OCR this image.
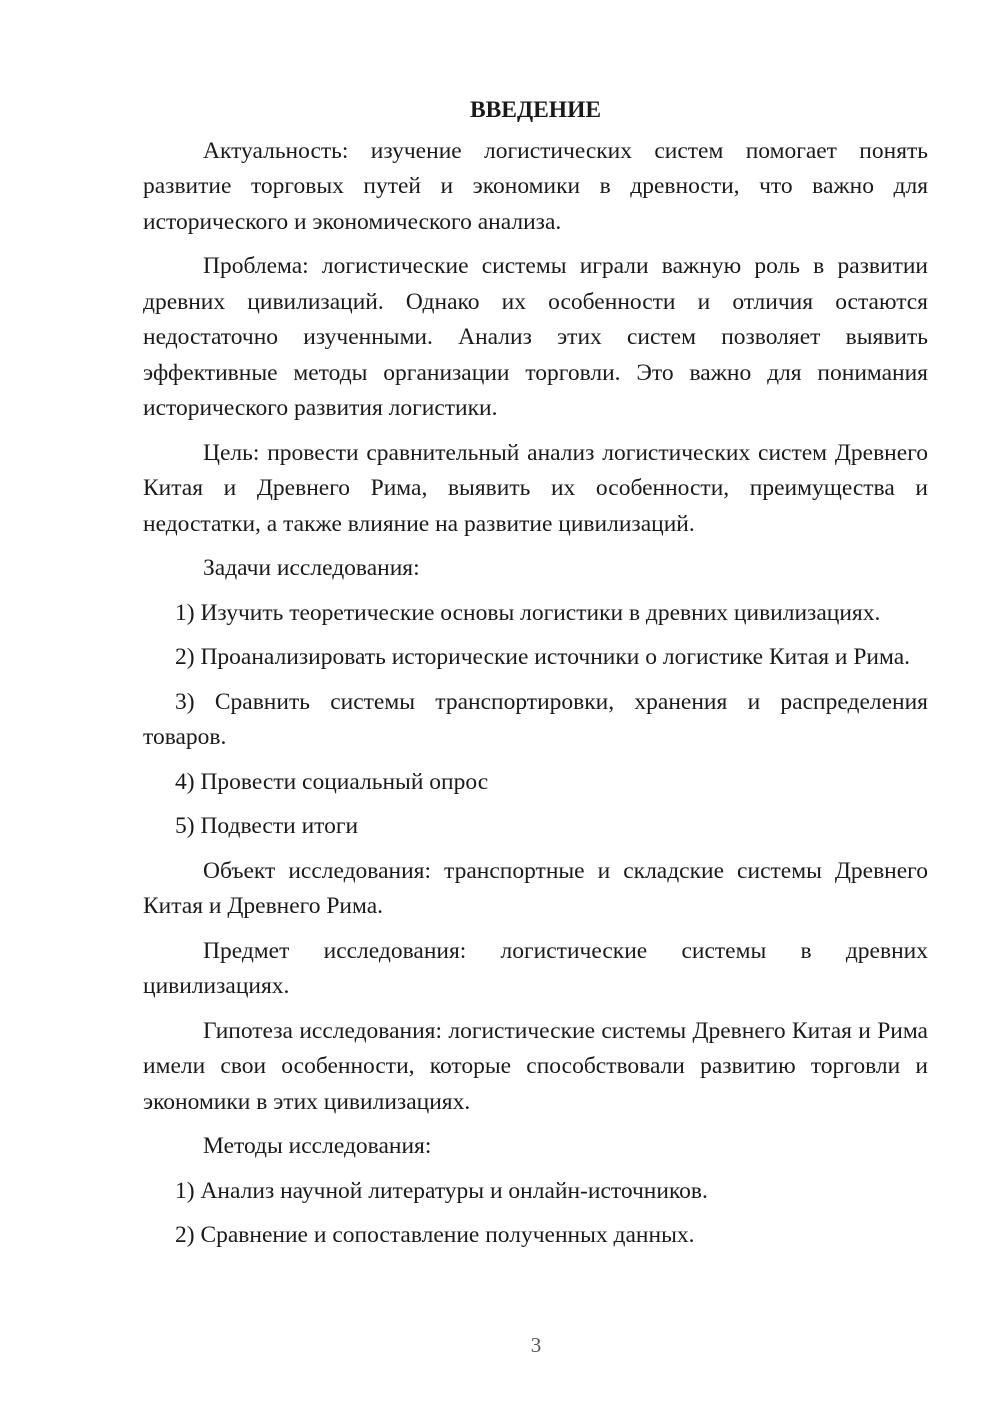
ВВЕДЕНИЕ

Актуальность: изучение логистических систем помогает понять развитие торговых путей и экономики в древности, что важно для исторического и экономического анализа.

Проблема: логистические системы играли важную роль в развитии древних цивилизаций. Однако их особенности и отличия остаются недостаточно изученными. Анализ этих систем позволяет выявить эффективные методы организации торговли. Это важно для понимания исторического развития логистики.

Цель: провести сравнительный анализ логистических систем Древнего Китая и Древнего Рима, выявить их особенности, преимущества и недостатки, а также влияние на развитие цивилизаций.

Задачи исследования:

1) Изучить теоретические основы логистики в древних цивилизациях.

2) Проанализировать исторические источники о логистике Китая и Рима.

3) Сравнить системы транспортировки, хранения и распределения товаров.

4) Провести социальный опрос

5) Подвести итоги

Объект исследования: транспортные и складские системы Древнего Китая и Древнего Рима.

Предмет исследования: логистические системы в древних цивилизациях.

Гипотеза исследования: логистические системы Древнего Китая и Рима имели свои особенности, которые способствовали развитию торговли и экономики в этих цивилизациях.

Методы исследования:

1) Анализ научной литературы и онлайн-источников.

2) Сравнение и сопоставление полученных данных.

3
